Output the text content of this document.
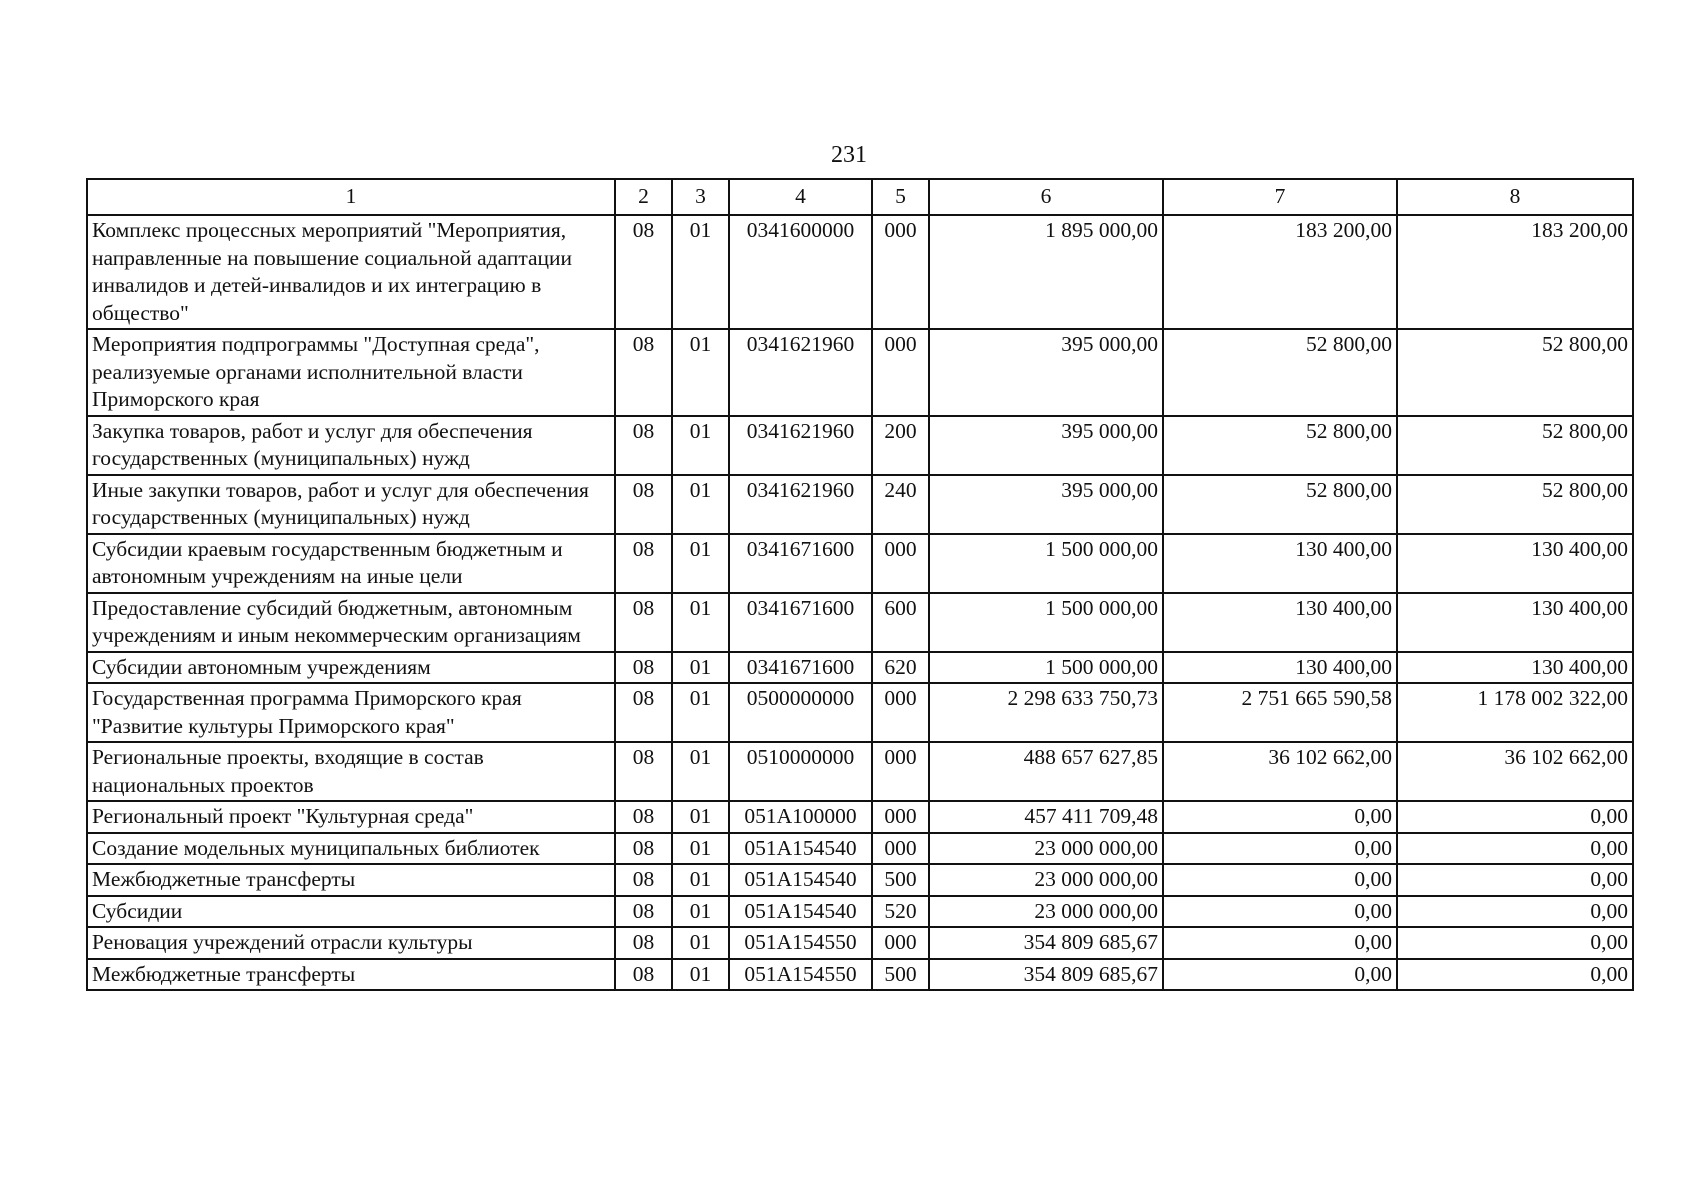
231
1	2	3	4	5	6	7	8
Комплекс процессных мероприятий "Мероприятия, направленные на повышение социальной адаптации инвалидов и детей-инвалидов и их интеграцию в общество"	08	01	0341600000	000	1 895 000,00	183 200,00	183 200,00
Мероприятия подпрограммы "Доступная среда", реализуемые органами исполнительной власти Приморского края	08	01	0341621960	000	395 000,00	52 800,00	52 800,00
Закупка товаров, работ и услуг для обеспечения государственных (муниципальных) нужд	08	01	0341621960	200	395 000,00	52 800,00	52 800,00
Иные закупки товаров, работ и услуг для обеспечения государственных (муниципальных) нужд	08	01	0341621960	240	395 000,00	52 800,00	52 800,00
Субсидии краевым государственным бюджетным и автономным учреждениям на иные цели	08	01	0341671600	000	1 500 000,00	130 400,00	130 400,00
Предоставление субсидий бюджетным, автономным учреждениям и иным некоммерческим организациям	08	01	0341671600	600	1 500 000,00	130 400,00	130 400,00
Субсидии автономным учреждениям	08	01	0341671600	620	1 500 000,00	130 400,00	130 400,00
Государственная программа Приморского края "Развитие культуры Приморского края"	08	01	0500000000	000	2 298 633 750,73	2 751 665 590,58	1 178 002 322,00
Региональные проекты, входящие в состав национальных проектов	08	01	0510000000	000	488 657 627,85	36 102 662,00	36 102 662,00
Региональный проект "Культурная среда"	08	01	051A100000	000	457 411 709,48	0,00	0,00
Создание модельных муниципальных библиотек	08	01	051A154540	000	23 000 000,00	0,00	0,00
Межбюджетные трансферты	08	01	051A154540	500	23 000 000,00	0,00	0,00
Субсидии	08	01	051A154540	520	23 000 000,00	0,00	0,00
Реновация учреждений отрасли культуры	08	01	051A154550	000	354 809 685,67	0,00	0,00
Межбюджетные трансферты	08	01	051A154550	500	354 809 685,67	0,00	0,00
